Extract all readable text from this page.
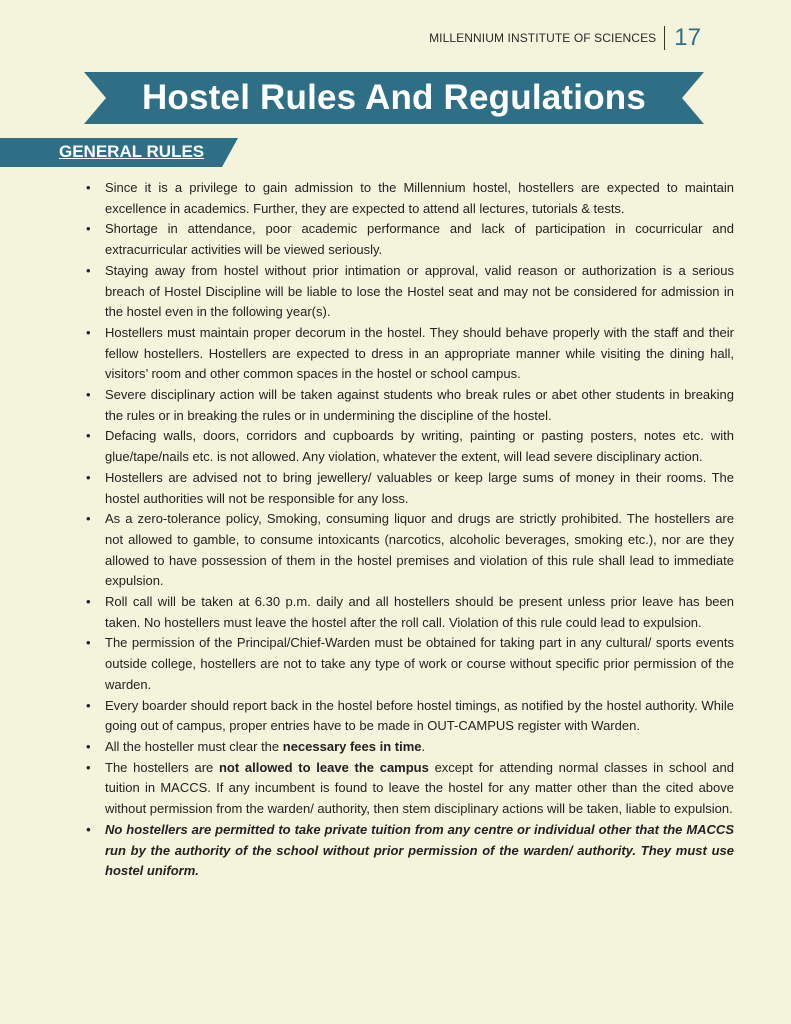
MILLENNIUM INSTITUTE OF SCIENCES 17
Hostel Rules And Regulations
GENERAL RULES
• Since it is a privilege to gain admission to the Millennium hostel, hostellers are expected to maintain excellence in academics. Further, they are expected to attend all lectures, tutorials & tests.
• Shortage in attendance, poor academic performance and lack of participation in cocurricular and extracurricular activities will be viewed seriously.
• Staying away from hostel without prior intimation or approval, valid reason or authorization is a serious breach of Hostel Discipline will be liable to lose the Hostel seat and may not be considered for admission in the hostel even in the following year(s).
• Hostellers must maintain proper decorum in the hostel. They should behave properly with the staff and their fellow hostellers. Hostellers are expected to dress in an appropriate manner while visiting the dining hall, visitors’ room and other common spaces in the hostel or school campus.
• Severe disciplinary action will be taken against students who break rules or abet other students in breaking the rules or in breaking the rules or in undermining the discipline of the hostel.
• Defacing walls, doors, corridors and cupboards by writing, painting or pasting posters, notes etc. with glue/tape/nails etc. is not allowed. Any violation, whatever the extent, will lead severe disciplinary action.
• Hostellers are advised not to bring jewellery/ valuables or keep large sums of money in their rooms. The hostel authorities will not be responsible for any loss.
• As a zero-tolerance policy, Smoking, consuming liquor and drugs are strictly prohibited. The hostellers are not allowed to gamble, to consume intoxicants (narcotics, alcoholic beverages, smoking etc.), nor are they allowed to have possession of them in the hostel premises and violation of this rule shall lead to immediate expulsion.
• Roll call will be taken at 6.30 p.m. daily and all hostellers should be present unless prior leave has been taken. No hostellers must leave the hostel after the roll call. Violation of this rule could lead to expulsion.
• The permission of the Principal/Chief-Warden must be obtained for taking part in any cultural/ sports events outside college, hostellers are not to take any type of work or course without specific prior permission of the warden.
• Every boarder should report back in the hostel before hostel timings, as notified by the hostel authority. While going out of campus, proper entries have to be made in OUT-CAMPUS register with Warden.
• All the hosteller must clear the necessary fees in time.
• The hostellers are not allowed to leave the campus except for attending normal classes in school and tuition in MACCS. If any incumbent is found to leave the hostel for any matter other than the cited above without permission from the warden/ authority, then stem disciplinary actions will be taken, liable to expulsion.
• No hostellers are permitted to take private tuition from any centre or individual other that the MACCS run by the authority of the school without prior permission of the warden/ authority. They must use hostel uniform.
